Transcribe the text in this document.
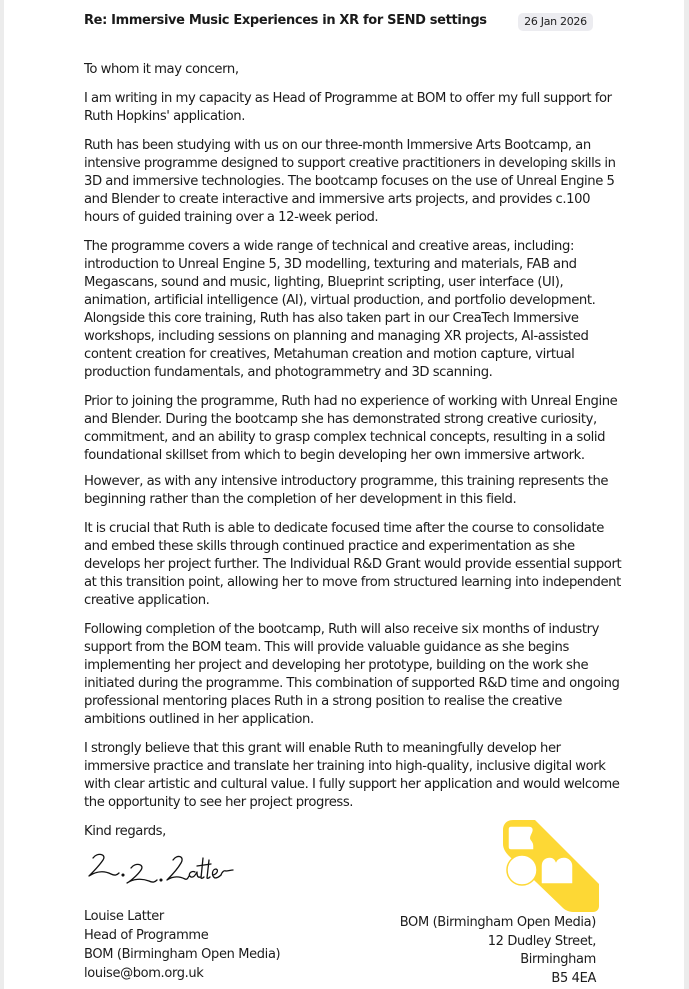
Re: Immersive Music Experiences in XR for SEND settings	26 Jan 2026

To whom it may concern,

I am writing in my capacity as Head of Programme at BOM to offer my full support for Ruth Hopkins' application.

Ruth has been studying with us on our three-month Immersive Arts Bootcamp, an intensive programme designed to support creative practitioners in developing skills in 3D and immersive technologies. The bootcamp focuses on the use of Unreal Engine 5 and Blender to create interactive and immersive arts projects, and provides c.100 hours of guided training over a 12-week period.

The programme covers a wide range of technical and creative areas, including: introduction to Unreal Engine 5, 3D modelling, texturing and materials, FAB and Megascans, sound and music, lighting, Blueprint scripting, user interface (UI), animation, artificial intelligence (AI), virtual production, and portfolio development. Alongside this core training, Ruth has also taken part in our CreaTech Immersive workshops, including sessions on planning and managing XR projects, AI-assisted content creation for creatives, Metahuman creation and motion capture, virtual production fundamentals, and photogrammetry and 3D scanning.

Prior to joining the programme, Ruth had no experience of working with Unreal Engine and Blender. During the bootcamp she has demonstrated strong creative curiosity, commitment, and an ability to grasp complex technical concepts, resulting in a solid foundational skillset from which to begin developing her own immersive artwork.

However, as with any intensive introductory programme, this training represents the beginning rather than the completion of her development in this field.

It is crucial that Ruth is able to dedicate focused time after the course to consolidate and embed these skills through continued practice and experimentation as she develops her project further. The Individual R&D Grant would provide essential support at this transition point, allowing her to move from structured learning into independent creative application.

Following completion of the bootcamp, Ruth will also receive six months of industry support from the BOM team. This will provide valuable guidance as she begins implementing her project and developing her prototype, building on the work she initiated during the programme. This combination of supported R&D time and ongoing professional mentoring places Ruth in a strong position to realise the creative ambitions outlined in her application.

I strongly believe that this grant will enable Ruth to meaningfully develop her immersive practice and translate her training into high-quality, inclusive digital work with clear artistic and cultural value. I fully support her application and would welcome the opportunity to see her project progress.

Kind regards,

Louise Latter
Head of Programme
BOM (Birmingham Open Media)
louise@bom.org.uk
BOM (Birmingham Open Media)
12 Dudley Street,
Birmingham
B5 4EA
